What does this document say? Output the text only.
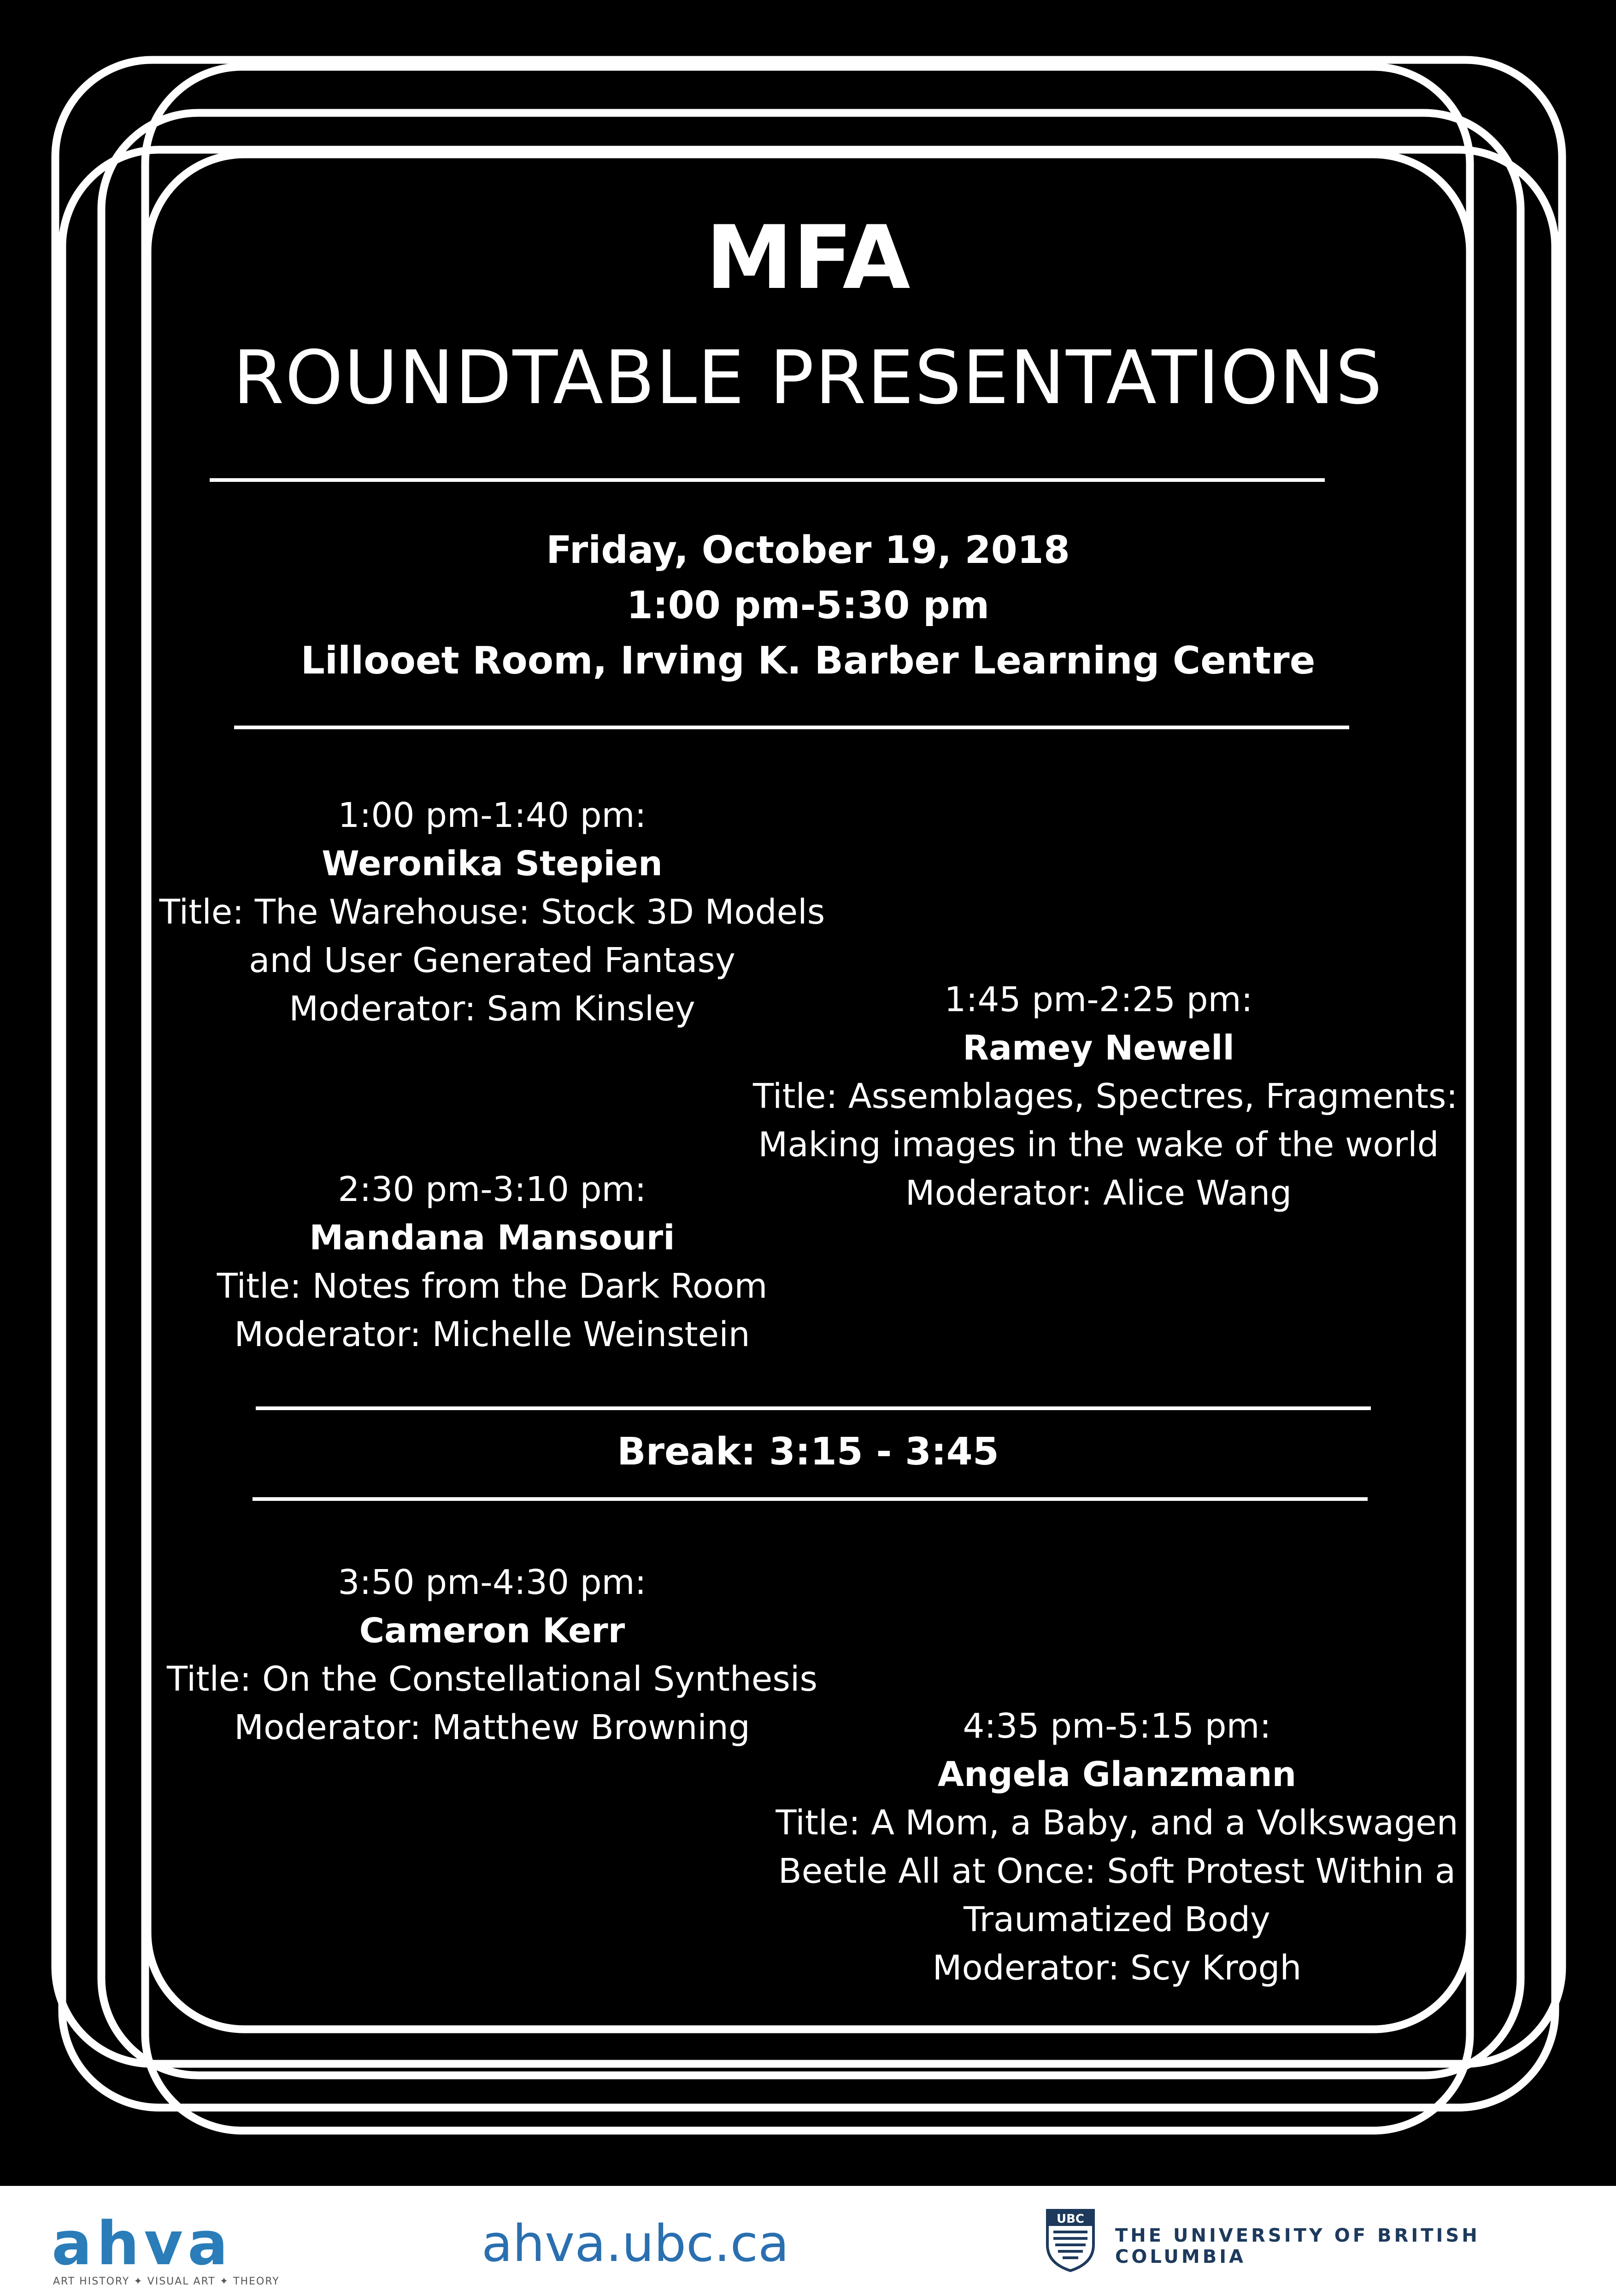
MFA
ROUNDTABLE PRESENTATIONS
Friday, October 19, 2018
1:00 pm-5:30 pm
Lillooet Room, Irving K. Barber Learning Centre
1:00 pm-1:40 pm:
Weronika Stepien
Title: The Warehouse: Stock 3D Models
and User Generated Fantasy
Moderator: Sam Kinsley	1:45 pm-2:25 pm:
Ramey Newell
Title: Assemblages, Spectres, Fragments:
Making images in the wake of the world
Moderator: Alice Wang
2:30 pm-3:10 pm:
Mandana Mansouri
Title: Notes from the Dark Room
Moderator: Michelle Weinstein
Break: 3:15 - 3:45
3:50 pm-4:30 pm:
Cameron Kerr
Title: On the Constellational Synthesis
Moderator: Matthew Browning	4:35 pm-5:15 pm:
Angela Glanzmann
Title: A Mom, a Baby, and a Volkswagen
Beetle All at Once: Soft Protest Within a
Traumatized Body
Moderator: Scy Krogh
ahva
ART HISTORY ✦ VISUAL ART ✦ THEORY
ahva.ubc.ca	UBC
THE UNIVERSITY OF BRITISH COLUMBIA
